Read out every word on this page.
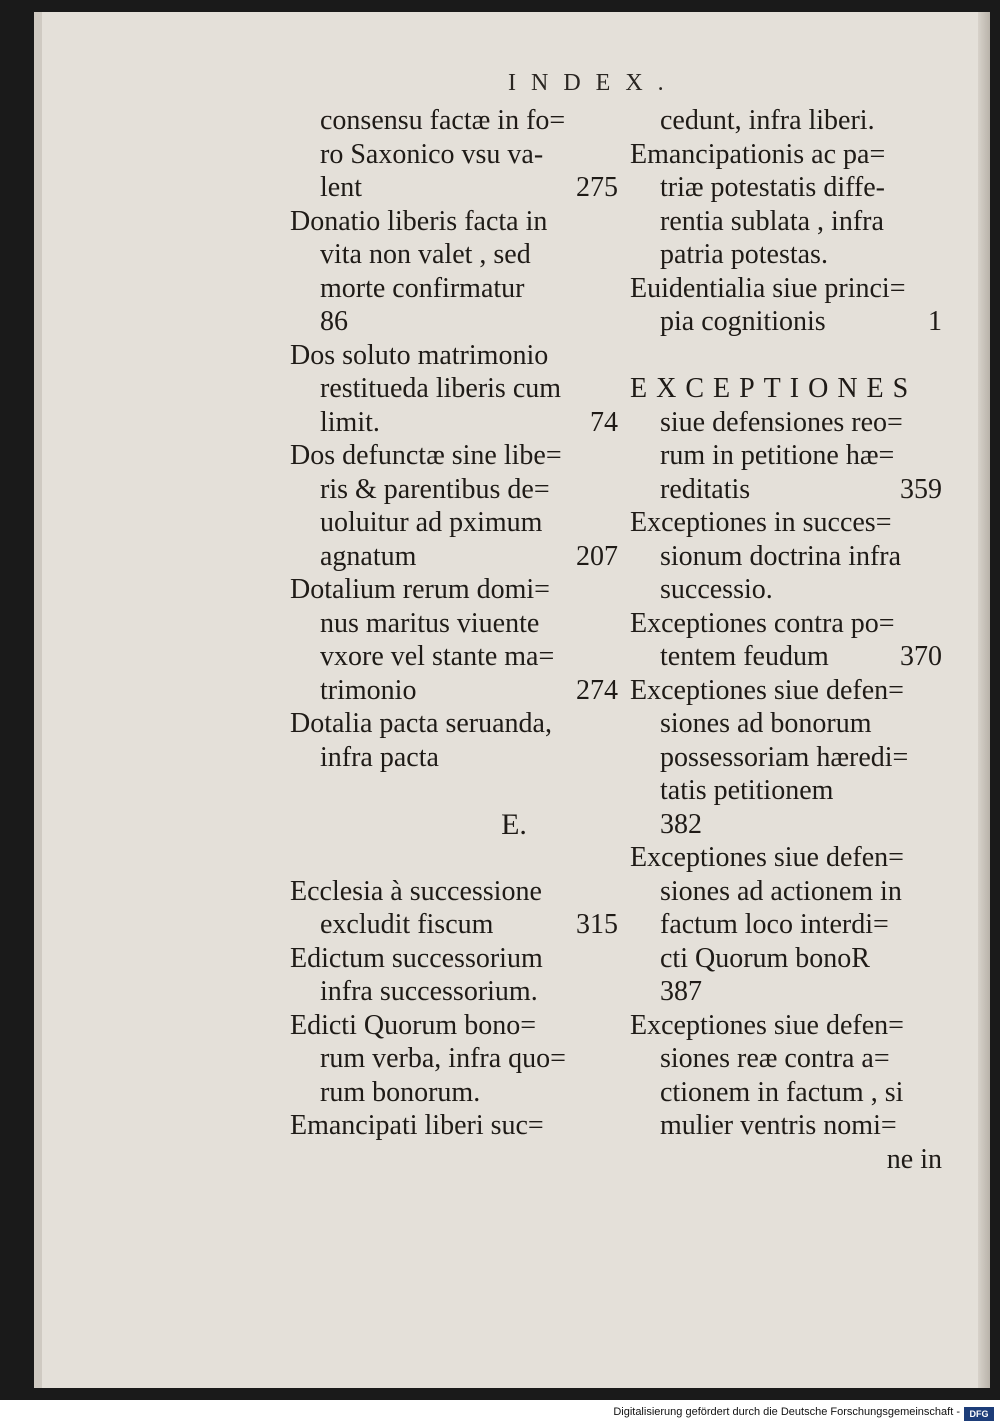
INDEX.
consensu factæ in fo=
ro Saxonico vsu va-
lent	275
Donatio liberis facta in
vita non valet , sed
morte confirmatur
86
Dos soluto matrimonio
restitueda liberis cum
limit.	74
Dos defunctæ sine libe=
ris & parentibus de=
uoluitur ad pximum
agnatum	207
Dotalium rerum domi=
nus maritus viuente
vxore vel stante ma=
trimonio	274
Dotalia pacta seruanda,
infra pacta
E.
Ecclesia à successione
excludit fiscum	315
Edictum successorium
infra successorium.
Edicti Quorum bono=
rum verba, infra quo=
rum bonorum.
Emancipati liberi suc=
cedunt, infra liberi.
Emancipationis ac pa=
triæ potestatis diffe-
rentia sublata , infra
patria potestas.
Euidentialia siue princi=
pia cognitionis	1
EXCEPTIONES
siue defensiones reo=
rum in petitione hæ=
reditatis	359
Exceptiones in succes=
sionum doctrina infra
successio.
Exceptiones contra po=
tentem feudum	370
Exceptiones siue defen=
siones ad bonorum
possessoriam hæredi=
tatis petitionem
382
Exceptiones siue defen=
siones ad actionem in
factum loco interdi=
cti Quorum bonoR
387
Exceptiones siue defen=
siones reæ contra a=
ctionem in factum , si
mulier ventris nomi=
ne in
Digitalisierung gefördert durch die Deutsche Forschungsgemeinschaft -	DFG
